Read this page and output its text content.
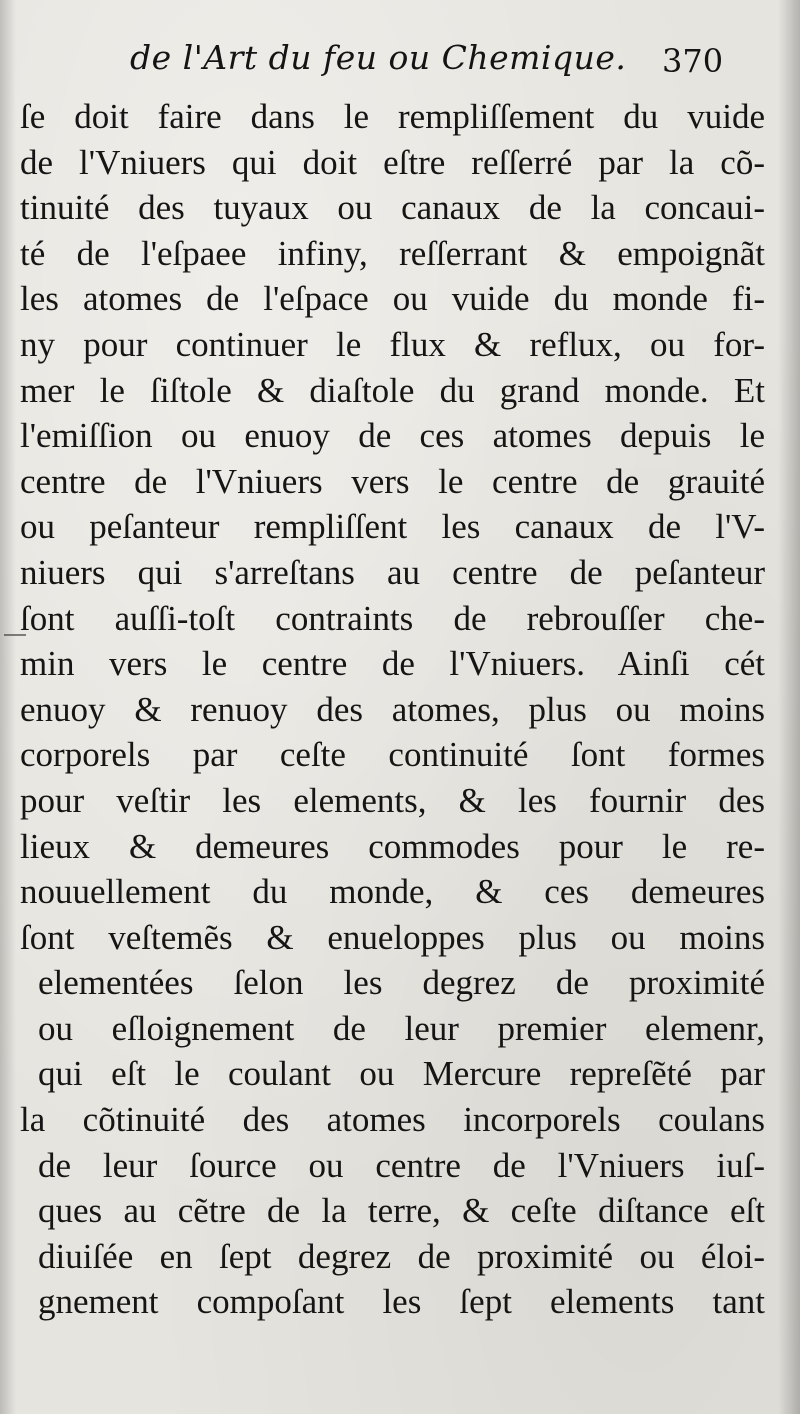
de l'Art du feu ou Chemique. 370
ſe doit faire dans le rempliſſement du vuide
de l'Vniuers qui doit eſtre reſſerré par la cõ-
tinuité des tuyaux ou canaux de la concaui-
té de l'eſpaee infiny, reſſerrant & empoignãt
les atomes de l'eſpace ou vuide du monde fi-
ny pour continuer le flux & reflux, ou for-
mer le ſiſtole & diaſtole du grand monde. Et
l'emiſſion ou enuoy de ces atomes depuis le
centre de l'Vniuers vers le centre de grauité
ou peſanteur rempliſſent les canaux de l'V-
niuers qui s'arreſtans au centre de peſanteur
ſont auſſi-toſt contraints de rebrouſſer che-
min vers le centre de l'Vniuers. Ainſi cét
enuoy & renuoy des atomes, plus ou moins
corporels par ceſte continuité ſont formes
pour veſtir les elements, & les fournir des
lieux & demeures commodes pour le re-
nouuellement du monde, & ces demeures
ſont veſtemẽs & enueloppes plus ou moins
elementées ſelon les degrez de proximité
ou eſloignement de leur premier elemenr,
qui eſt le coulant ou Mercure repreſẽté par
la cõtinuité des atomes incorporels coulans
de leur ſource ou centre de l'Vniuers iuſ-
ques au cẽtre de la terre, & ceſte diſtance eſt
diuiſée en ſept degrez de proximité ou éloi-
gnement compoſant les ſept elements tant
